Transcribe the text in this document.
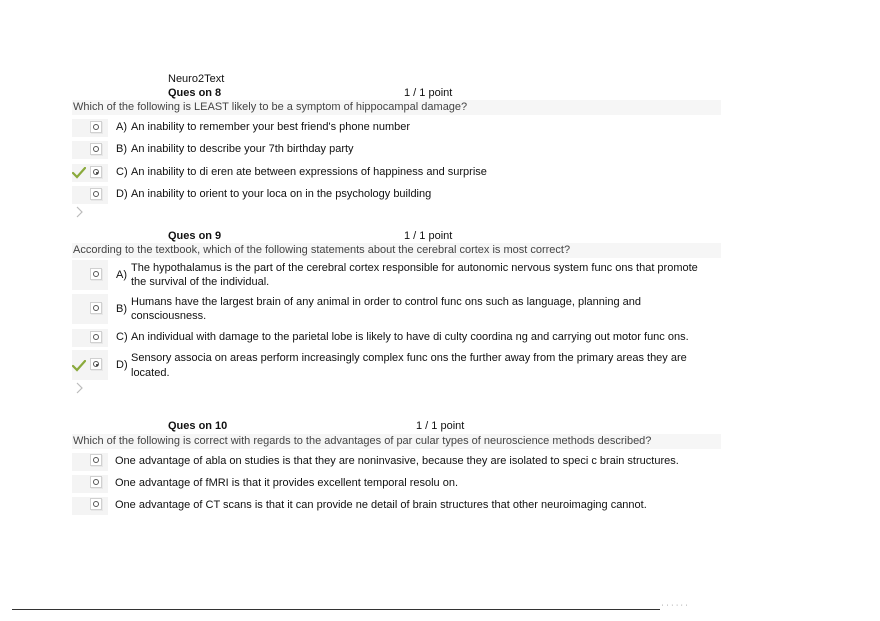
Neuro2Text
Ques on 8	1 / 1 point
Which of the following is LEAST likely to be a symptom of hippocampal damage?
A) An inability to remember your best friend's phone number
B) An inability to describe your 7th birthday party
C) An inability to di eren ate between expressions of happiness and surprise
D) An inability to orient to your loca on in the psychology building
Ques on 9	1 / 1 point
According to the textbook, which of the following statements about the cerebral cortex is most correct?
A)
The hypothalamus is the part of the cerebral cortex responsible for autonomic nervous system func ons that promote
the survival of the individual.
B)
Humans have the largest brain of any animal in order to control func ons such as language, planning and
consciousness.
C) An individual with damage to the parietal lobe is likely to have di culty coordina ng and carrying out motor func ons.
D)
Sensory associa on areas perform increasingly complex func ons the further away from the primary areas they are
located.
Ques on 10	1 / 1 point
Which of the following is correct with regards to the advantages of par cular types of neuroscience methods described?
One advantage of abla on studies is that they are noninvasive, because they are isolated to speci c brain structures.
One advantage of fMRI is that it provides excellent temporal resolu on.
One advantage of CT scans is that it can provide ne detail of brain structures that other neuroimaging cannot.
' ' ' ' ' '
